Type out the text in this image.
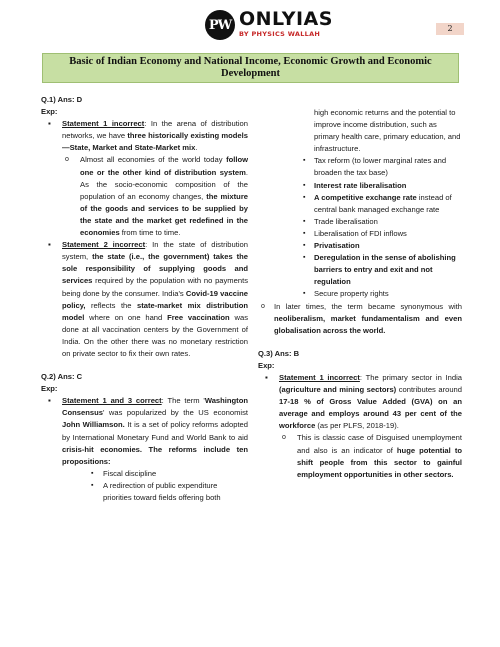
PW ONLYIAS
BY PHYSICS WALLAH
2
Basic of Indian Economy and National Income, Economic Growth and Economic Development
Q.1) Ans: D
Exp:
▪ Statement 1 incorrect: In the arena of distribution networks, we have three historically existing models—State, Market and State-Market mix.
o Almost all economies of the world today follow one or the other kind of distribution system. As the socio-economic composition of the population of an economy changes, the mixture of the goods and services to be supplied by the state and the market get redefined in the economies from time to time.
▪ Statement 2 incorrect: In the state of distribution system, the state (i.e., the government) takes the sole responsibility of supplying goods and services required by the population with no payments being done by the consumer. India's Covid-19 vaccine policy, reflects the state-market mix distribution model where on one hand Free vaccination was done at all vaccination centers by the Government of India. On the other there was no monetary restriction on private sector to fix their own rates.
Q.2) Ans: C
Exp:
▪ Statement 1 and 3 correct: The term 'Washington Consensus' was popularized by the US economist John Williamson. It is a set of policy reforms adopted by International Monetary Fund and World Bank to aid crisis-hit economies. The reforms include ten propositions:
▪ Fiscal discipline
▪ A redirection of public expenditure priorities toward fields offering both
high economic returns and the potential to improve income distribution, such as primary health care, primary education, and infrastructure.
▪ Tax reform (to lower marginal rates and broaden the tax base)
▪ Interest rate liberalisation
▪ A competitive exchange rate instead of central bank managed exchange rate
▪ Trade liberalisation
▪ Liberalisation of FDI inflows
▪ Privatisation
▪ Deregulation in the sense of abolishing barriers to entry and exit and not regulation
▪ Secure property rights
o In later times, the term became synonymous with neoliberalism, market fundamentalism and even globalisation across the world.
Q.3) Ans: B
Exp:
▪ Statement 1 incorrect: The primary sector in India (agriculture and mining sectors) contributes around 17-18 % of Gross Value Added (GVA) on an average and employs around 43 per cent of the workforce (as per PLFS, 2018-19).
o This is classic case of Disguised unemployment and also is an indicator of huge potential to shift people from this sector to gainful employment opportunities in other sectors.
